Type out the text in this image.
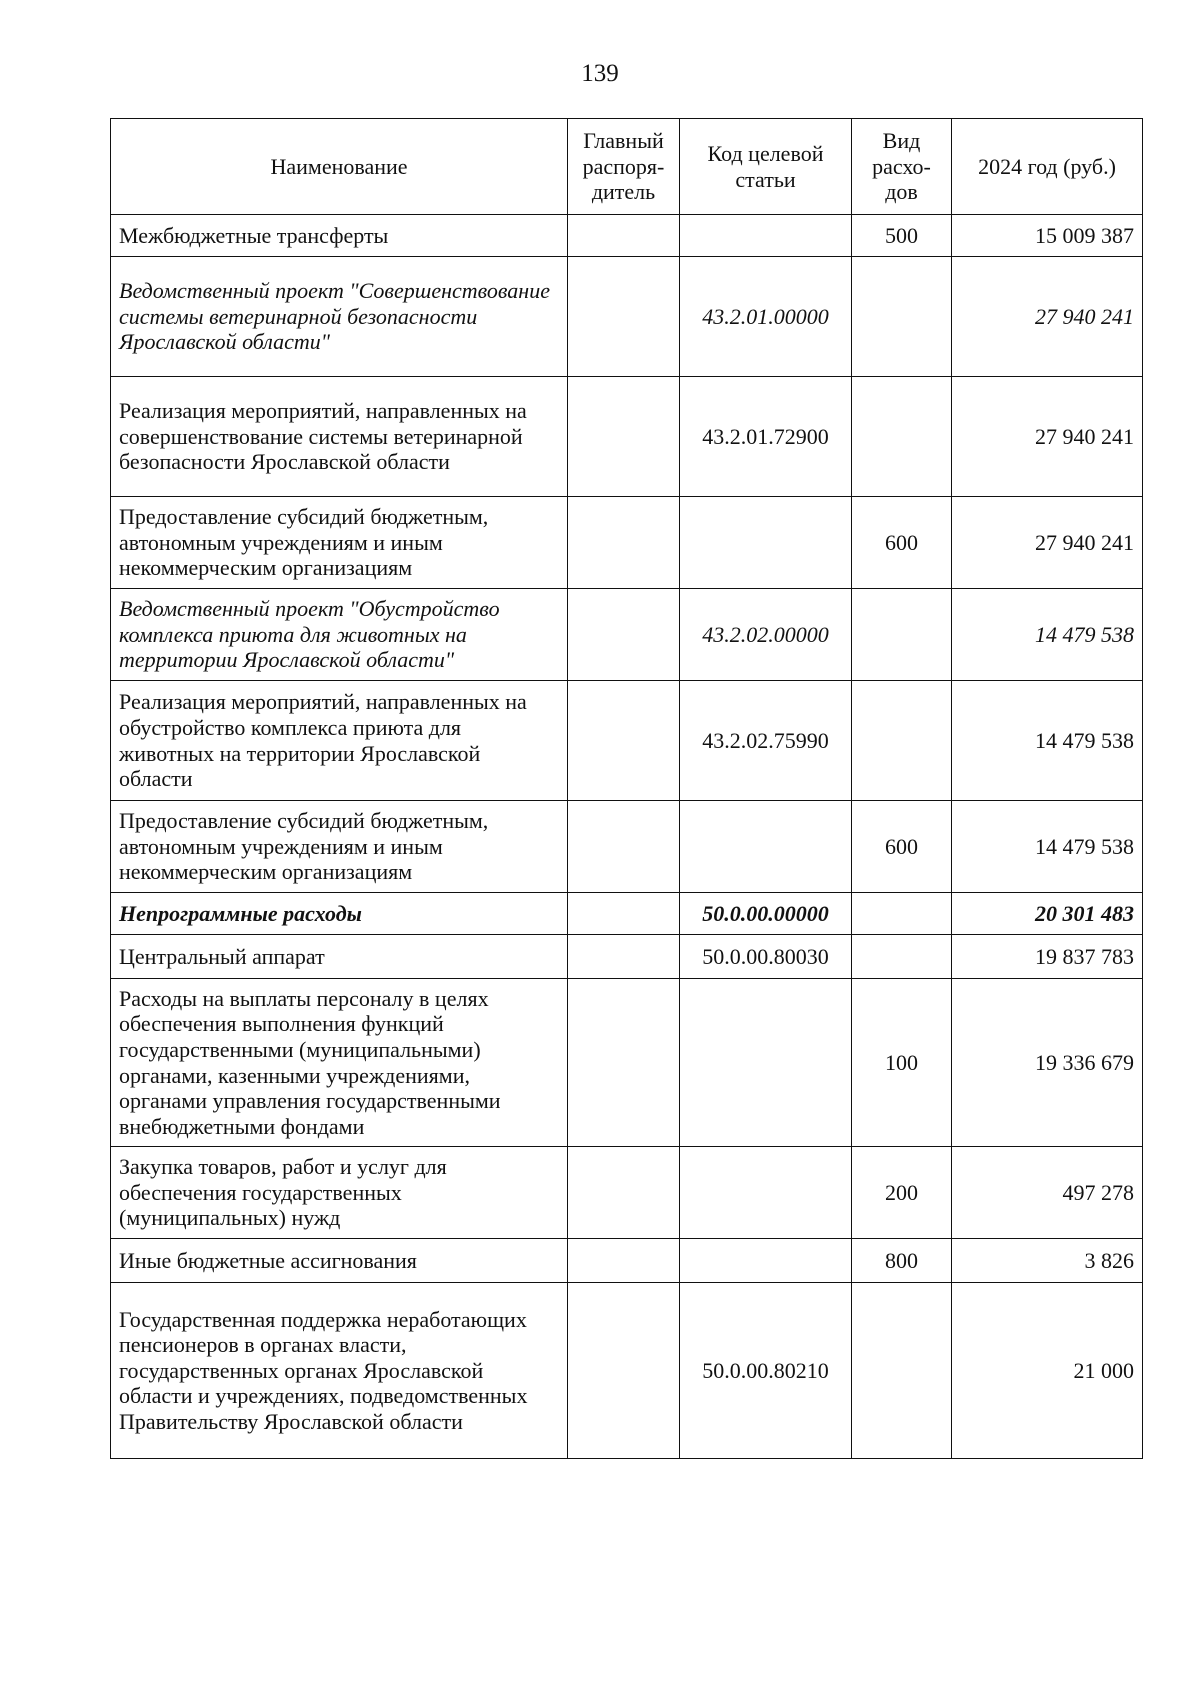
139
Наименование	Главный распоря-дитель	Код целевой статьи	Вид расхо-дов	2024 год (руб.)
Межбюджетные трансферты			500	15 009 387
Ведомственный проект "Совершенствование системы ветеринарной безопасности Ярославской области"		43.2.01.00000		27 940 241
Реализация мероприятий, направленных на совершенствование системы ветеринарной безопасности Ярославской области		43.2.01.72900		27 940 241
Предоставление субсидий бюджетным, автономным учреждениям и иным некоммерческим организациям			600	27 940 241
Ведомственный проект "Обустройство комплекса приюта для животных на территории Ярославской области"		43.2.02.00000		14 479 538
Реализация мероприятий, направленных на обустройство комплекса приюта для животных на территории Ярославской области		43.2.02.75990		14 479 538
Предоставление субсидий бюджетным, автономным учреждениям и иным некоммерческим организациям			600	14 479 538
Непрограммные расходы		50.0.00.00000		20 301 483
Центральный аппарат		50.0.00.80030		19 837 783
Расходы на выплаты персоналу в целях обеспечения выполнения функций государственными (муниципальными) органами, казенными учреждениями, органами управления государственными внебюджетными фондами			100	19 336 679
Закупка товаров, работ и услуг для обеспечения государственных (муниципальных) нужд			200	497 278
Иные бюджетные ассигнования			800	3 826
Государственная поддержка неработающих пенсионеров в органах власти, государственных органах Ярославской области и учреждениях, подведомственных Правительству Ярославской области		50.0.00.80210		21 000
